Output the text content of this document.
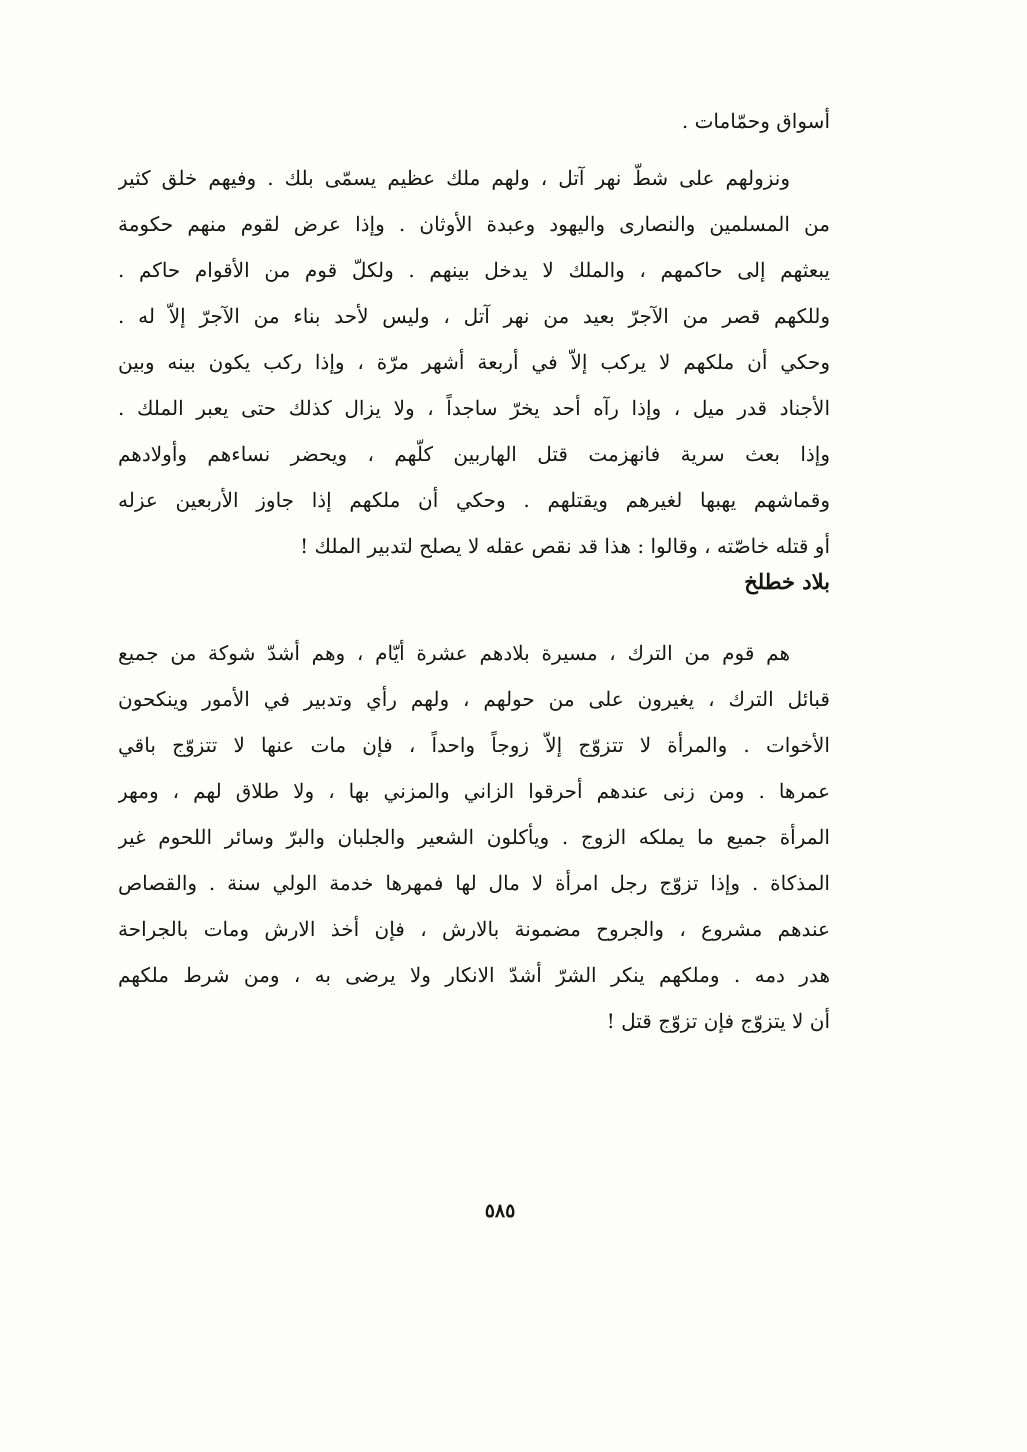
أسواق وحمّامات .
ونزولهم على شطّ نهر آتل ، ولهم ملك عظيم يسمّى بلك . وفيهم خلق كثير
من المسلمين والنصارى واليهود وعبدة الأوثان . وإذا عرض لقوم منهم حكومة
يبعثهم إلى حاكمهم ، والملك لا يدخل بينهم . ولكلّ قوم من الأقوام حاكم .
وللكهم قصر من الآجرّ بعيد من نهر آتل ، وليس لأحد بناء من الآجرّ إلاّ له .
وحكي أن ملكهم لا يركب إلاّ في أربعة أشهر مرّة ، وإذا ركب يكون بينه وبين
الأجناد قدر ميل ، وإذا رآه أحد يخرّ ساجداً ، ولا يزال كذلك حتى يعبر الملك .
وإذا بعث سرية فانهزمت قتل الهاربين كلّهم ، ويحضر نساءهم وأولادهم
وقماشهم يهبها لغيرهم ويقتلهم . وحكي أن ملكهم إذا جاوز الأربعين عزله
أو قتله خاصّته ، وقالوا : هذا قد نقص عقله لا يصلح لتدبير الملك !
بلاد خطلخ
هم قوم من الترك ، مسيرة بلادهم عشرة أيّام ، وهم أشدّ شوكة من جميع
قبائل الترك ، يغيرون على من حولهم ، ولهم رأي وتدبير في الأمور وينكحون
الأخوات . والمرأة لا تتزوّج إلاّ زوجاً واحداً ، فإن مات عنها لا تتزوّج باقي
عمرها . ومن زنى عندهم أحرقوا الزاني والمزني بها ، ولا طلاق لهم ، ومهر
المرأة جميع ما يملكه الزوج . ويأكلون الشعير والجلبان والبرّ وسائر اللحوم غير
المذكاة . وإذا تزوّج رجل امرأة لا مال لها فمهرها خدمة الولي سنة . والقصاص
عندهم مشروع ، والجروح مضمونة بالارش ، فإن أخذ الارش ومات بالجراحة
هدر دمه . وملكهم ينكر الشرّ أشدّ الانكار ولا يرضى به ، ومن شرط ملكهم
أن لا يتزوّج فإن تزوّج قتل !
٥٨٥
